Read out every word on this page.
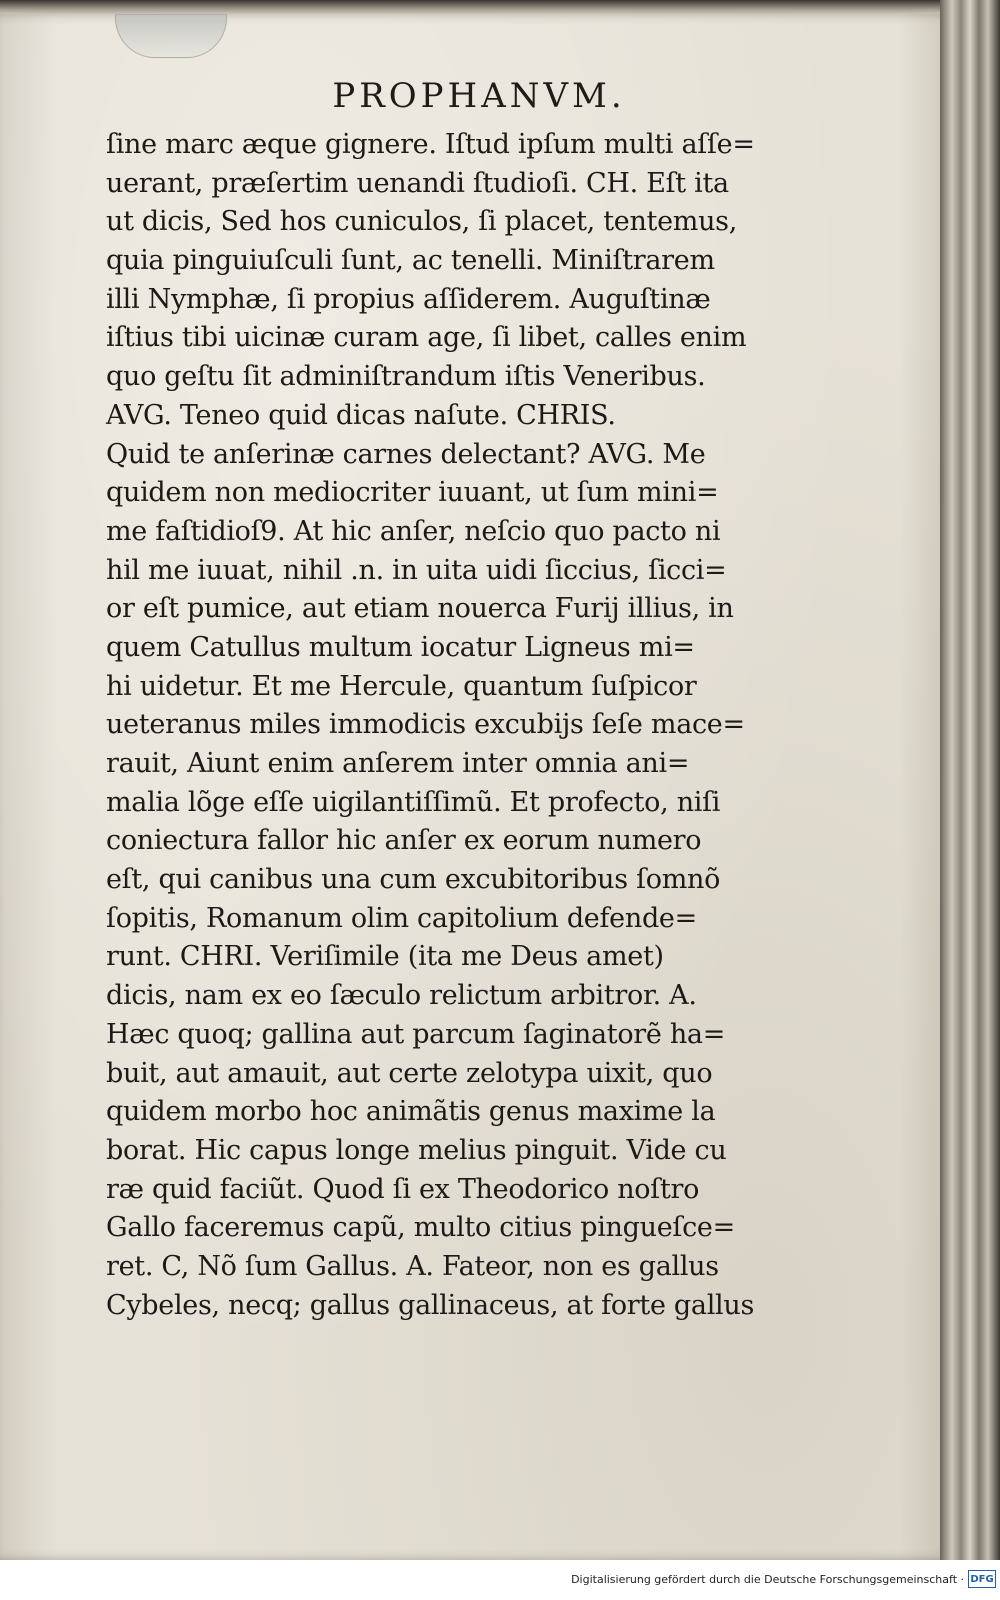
PROPHANVM.
ſine marc æque gignere. Iſtud ipſum multi aſſe=
uerant, præſertim uenandi ſtudioſi. CH. Eſt ita
ut dicis, Sed hos cuniculos, ſi placet, tentemus,
quia pinguiuſculi ſunt, ac tenelli. Miniſtrarem
illi Nymphæ, ſi propius aſſiderem. Auguſtinæ
iſtius tibi uicinæ curam age, ſi libet, calles enim
quo geſtu ſit adminiſtrandum iſtis Veneribus.
AVG. Teneo quid dicas naſute. CHRIS.
Quid te anſerinæ carnes delectant? AVG. Me
quidem non mediocriter iuuant, ut ſum mini=
me faſtidioſ9. At hic anſer, neſcio quo pacto ni
hil me iuuat, nihil .n. in uita uidi ſiccius, ſicci=
or eſt pumice, aut etiam nouerca Furij illius, in
quem Catullus multum iocatur Ligneus mi=
hi uidetur. Et me Hercule, quantum ſuſpicor
ueteranus miles immodicis excubijs ſeſe mace=
rauit, Aiunt enim anſerem inter omnia ani=
malia lõge eſſe uigilantiſſimũ. Et profecto, niſi
coniectura fallor hic anſer ex eorum numero
eſt, qui canibus una cum excubitoribus ſomnõ
ſopitis, Romanum olim capitolium defende=
runt. CHRI. Veriſimile (ita me Deus amet)
dicis, nam ex eo ſæculo relictum arbitror. A.
Hæc quoq; gallina aut parcum ſaginatorẽ ha=
buit, aut amauit, aut certe zelotypa uixit, quo
quidem morbo hoc animãtis genus maxime la
borat. Hic capus longe melius pinguit. Vide cu
ræ quid faciũt. Quod ſi ex Theodorico noſtro
Gallo faceremus capũ, multo citius pingueſce=
ret. C, Nõ ſum Gallus. A. Fateor, non es gallus
Cybeles, necq; gallus gallinaceus, at forte gallus
Digitalisierung gefördert durch die Deutsche Forschungsgemeinschaft · DFG
